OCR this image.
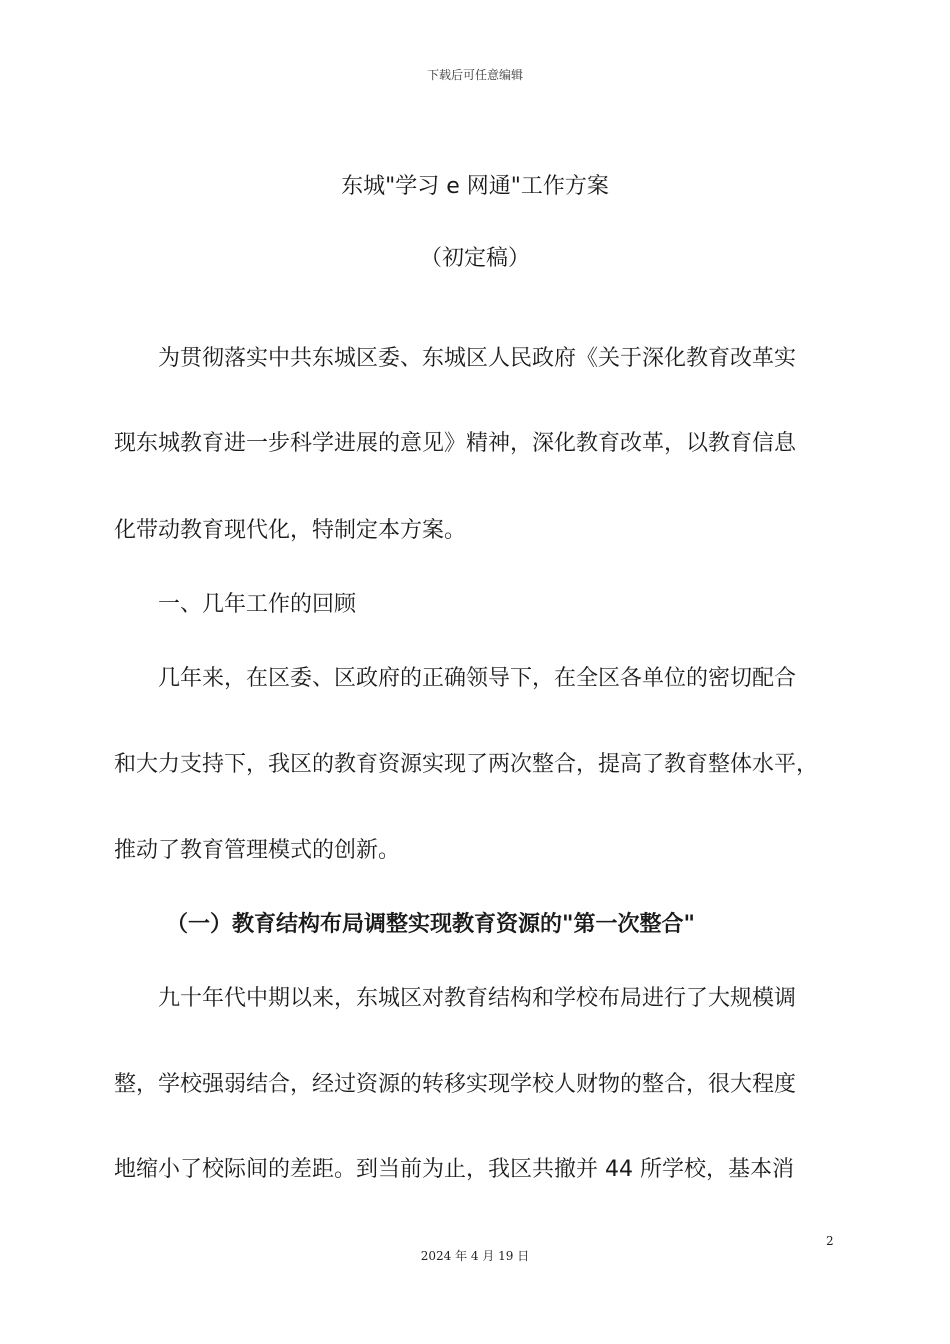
下载后可任意编辑
东城"学习 e 网通"工作方案
（初定稿）
为贯彻落实中共东城区委、东城区人民政府《关于深化教育改革实
现东城教育进一步科学进展的意见》精神，深化教育改革，以教育信息
化带动教育现代化，特制定本方案。
一、几年工作的回顾
几年来，在区委、区政府的正确领导下，在全区各单位的密切配合
和大力支持下，我区的教育资源实现了两次整合，提高了教育整体水平，
推动了教育管理模式的创新。
（一）教育结构布局调整实现教育资源的"第一次整合"
九十年代中期以来，东城区对教育结构和学校布局进行了大规模调
整，学校强弱结合，经过资源的转移实现学校人财物的整合，很大程度
地缩小了校际间的差距。到当前为止，我区共撤并 44 所学校，基本消
2
2024 年 4 月 19 日
